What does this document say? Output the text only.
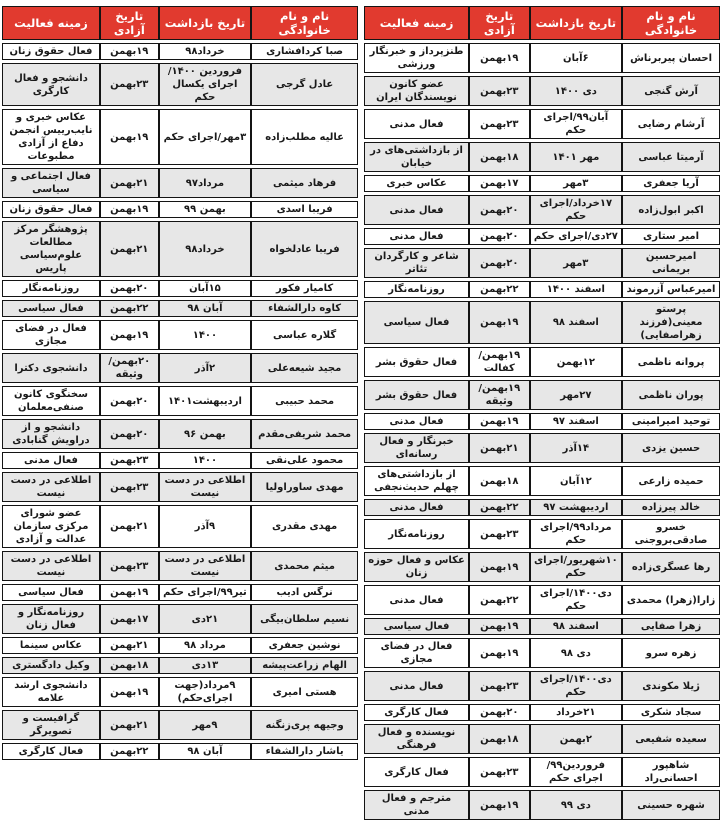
نام و نام خانوادگی	تاریخ بازداشت	تاریخ آزادی	زمینه فعالیت
احسان پیربرناش	۶آبان	۱۹بهمن	طنزپرداز و خبرنگار ورزشی
آرش گنجی	دی ۱۴۰۰	۲۳بهمن	عضو کانون نویسندگان ایران
آرشام رضایی	آبان۹۹/اجرای حکم	۲۳بهمن	فعال مدنی
آرمیتا عباسی	مهر ۱۴۰۱	۱۸بهمن	از بازداشتی‌های در خیابان
آریا جعفری	۳مهر	۱۷بهمن	عکاس خبری
اکبر ابول‌زاده	۱۷خرداد/اجرای حکم	۲۰بهمن	فعال مدنی
امیر ستاری	۲۷دی/اجرای حکم	۲۰بهمن	فعال مدنی
امیرحسین بریمانی	۳مهر	۲۰بهمن	شاعر و کارگردان تئاتر
امیرعباس آزرموند	اسفند ۱۴۰۰	۲۲بهمن	روزنامه‌نگار
پرستو معینی(فرزند زهراصفایی)	اسفند ۹۸	۱۹بهمن	فعال سیاسی
پروانه ناظمی	۱۲بهمن	۱۹بهمن/ کفالت	فعال حقوق بشر
پوران ناظمی	۲۷مهر	۱۹بهمن/وثیقه	فعال حقوق بشر
توحید امیرامینی	اسفند ۹۷	۱۹بهمن	فعال مدنی
حسین یزدی	۱۴آذر	۲۱بهمن	خبرنگار و فعال رسانه‌ای
حمیده زارعی	۱۲آبان	۱۸بهمن	از بازداشتی‌های چهلم حدیث‌نجفی
خالد پیرزاده	اردیبهشت ۹۷	۲۲بهمن	فعال مدنی
خسرو صادقی‌بروجنی	مرداد۹۹/اجرای حکم	۲۳بهمن	روزنامه‌نگار
رها عسگری‌زاده	۱۰شهریور/اجرای حکم	۱۹بهمن	عکاس و فعال حوزه زنان
زارا(زهرا) محمدی	دی۱۴۰۰/اجرای حکم	۲۲بهمن	فعال مدنی
زهرا صفایی	اسفند ۹۸	۱۹بهمن	فعال سیاسی
زهره سرو	دی ۹۸	۱۹بهمن	فعال در فضای مجازی
ژیلا مکوندی	دی۱۴۰۰/اجرای حکم	۲۳بهمن	فعال مدنی
سجاد شکری	۲۱خرداد	۲۰بهمن	فعال کارگری
سعیده شفیعی	۲بهمن	۱۸بهمن	نویسنده و فعال فرهنگی
شاهپور احسانی‌راد	فروردین۹۹/اجرای حکم	۲۳بهمن	فعال کارگری
شهره حسینی	دی ۹۹	۱۹بهمن	مترجم و فعال مدنی
نام و نام خانوادگی	تاریخ بازداشت	تاریخ آزادی	زمینه فعالیت
صبا کردافشاری	خرداد۹۸	۱۹بهمن	فعال حقوق زنان
عادل گرجی	فروردین ۱۴۰۰/ اجرای یکسال حکم	۲۳بهمن	دانشجو و فعال کارگری
عالیه مطلب‌زاده	۳مهر/اجرای حکم	۱۹بهمن	عکاس خبری و نایب‌رییس انجمن دفاع از آزادی مطبوعات
فرهاد میثمی	مرداد۹۷	۲۱بهمن	فعال اجتماعی و سیاسی
فریبا اسدی	بهمن ۹۹	۱۹بهمن	فعال حقوق زنان
فریبا عادلخواه	خرداد۹۸	۲۱بهمن	پژوهشگر مرکز مطالعات علوم‌سیاسی پاریس
کامیار فکور	۱۵آبان	۲۰بهمن	روزنامه‌نگار
کاوه دارالشفاء	آبان ۹۸	۲۲بهمن	فعال سیاسی
گلاره عباسی	۱۴۰۰	۱۹بهمن	فعال در فضای مجازی
مجید شیعه‌علی	۲آذر	۲۰بهمن/وثیقه	دانشجوی دکترا
محمد حبیبی	اردیبهشت۱۴۰۱	۲۰بهمن	سخنگوی کانون صنفی‌معلمان
محمد شریفی‌مقدم	بهمن ۹۶	۲۰بهمن	دانشجو و از دراویش گنابادی
محمود علی‌نقی	۱۴۰۰	۲۳بهمن	فعال مدنی
مهدی ساوراولیا	اطلاعی در دست نیست	۲۳بهمن	اطلاعی در دست نیست
مهدی مقدری	۹آذر	۲۱بهمن	عضو شورای مرکزی سازمان عدالت و آزادی
میثم محمدی	اطلاعی در دست نیست	۲۳بهمن	اطلاعی در دست نیست
نرگس ادیب	تیر۹۹/اجرای حکم	۱۹بهمن	فعال سیاسی
نسیم سلطان‌بیگی	۲۱دی	۱۷بهمن	روزنامه‌نگار و فعال زنان
نوشین جعفری	مرداد ۹۸	۲۱بهمن	عکاس سینما
الهام زراعت‌پیشه	۱۳دی	۱۸بهمن	وکیل دادگستری
هستی امیری	۹مرداد(جهت اجرای‌حکم)	۱۹بهمن	دانشجوی ارشد علامه
وجیهه پری‌زنگنه	۹مهر	۲۱بهمن	گرافیست و تصویرگر
یاشار دارالشفاء	آبان ۹۸	۲۲بهمن	فعال کارگری
